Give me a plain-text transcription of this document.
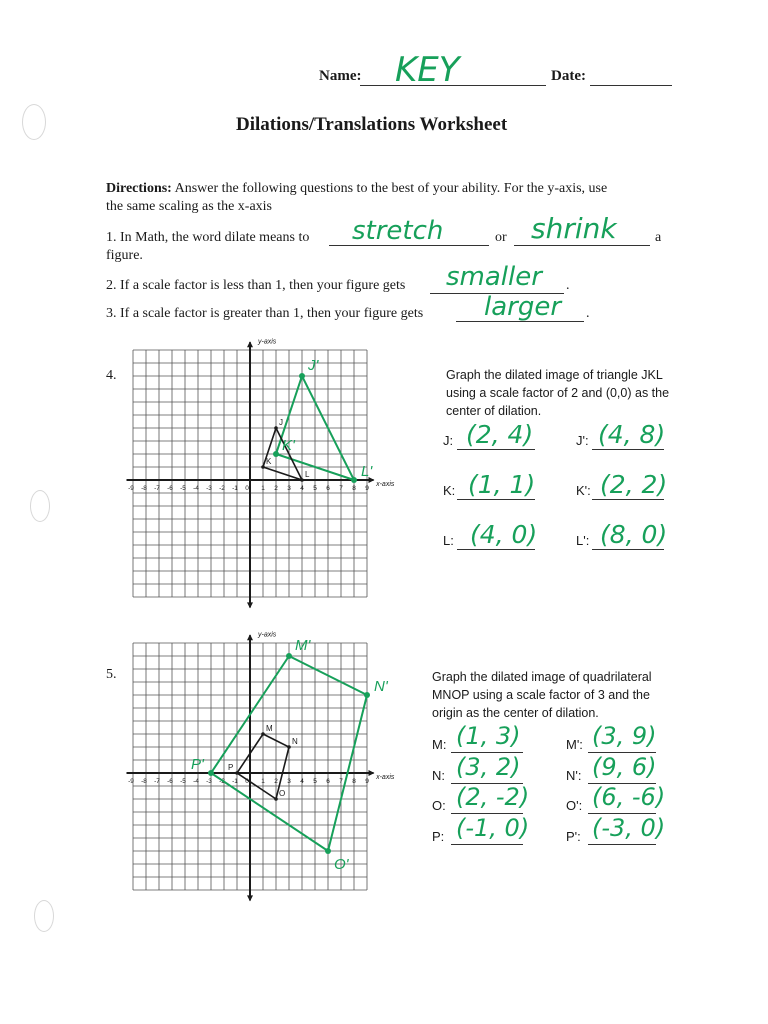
Name: KEY	Date:
Dilations/Translations Worksheet
Directions: Answer the following questions to the best of your ability. For the y-axis, use
the same scaling as the x-axis
1. In Math, the word dilate means to stretch	or shrink	a
figure.
2. If a scale factor is less than 1, then your figure gets smaller .
3. If a scale factor is greater than 1, then your figure gets larger .
4.
-9 -8 -7 -6 -5 -4 -3 -2 -1 0 1 2 3 4 5 6 7 8 9
x-axis
y-axis
J
K
L
J'
K'
L'
Graph the dilated image of triangle JKL
using a scale factor of 2 and (0,0) as the
center of dilation.
J: (2, 4)	J': (4, 8)
K: (1, 1)	K': (2, 2)
L: (4, 0)	L': (8, 0)
5.
-9 -8 -7 -6 -5 -4 -3 -2 -1 0 1 2 3 4 5 6 7 8 9
x-axis
y-axis
M
N
O
P
M'
N'
O'
P'
Graph the dilated image of quadrilateral
MNOP using a scale factor of 3 and the
origin as the center of dilation.
M: (1, 3)	M': (3, 9)
N: (3, 2)	N': (9, 6)
O: (2, -2)	O': (6, -6)
P: (-1, 0)	P': (-3, 0)
